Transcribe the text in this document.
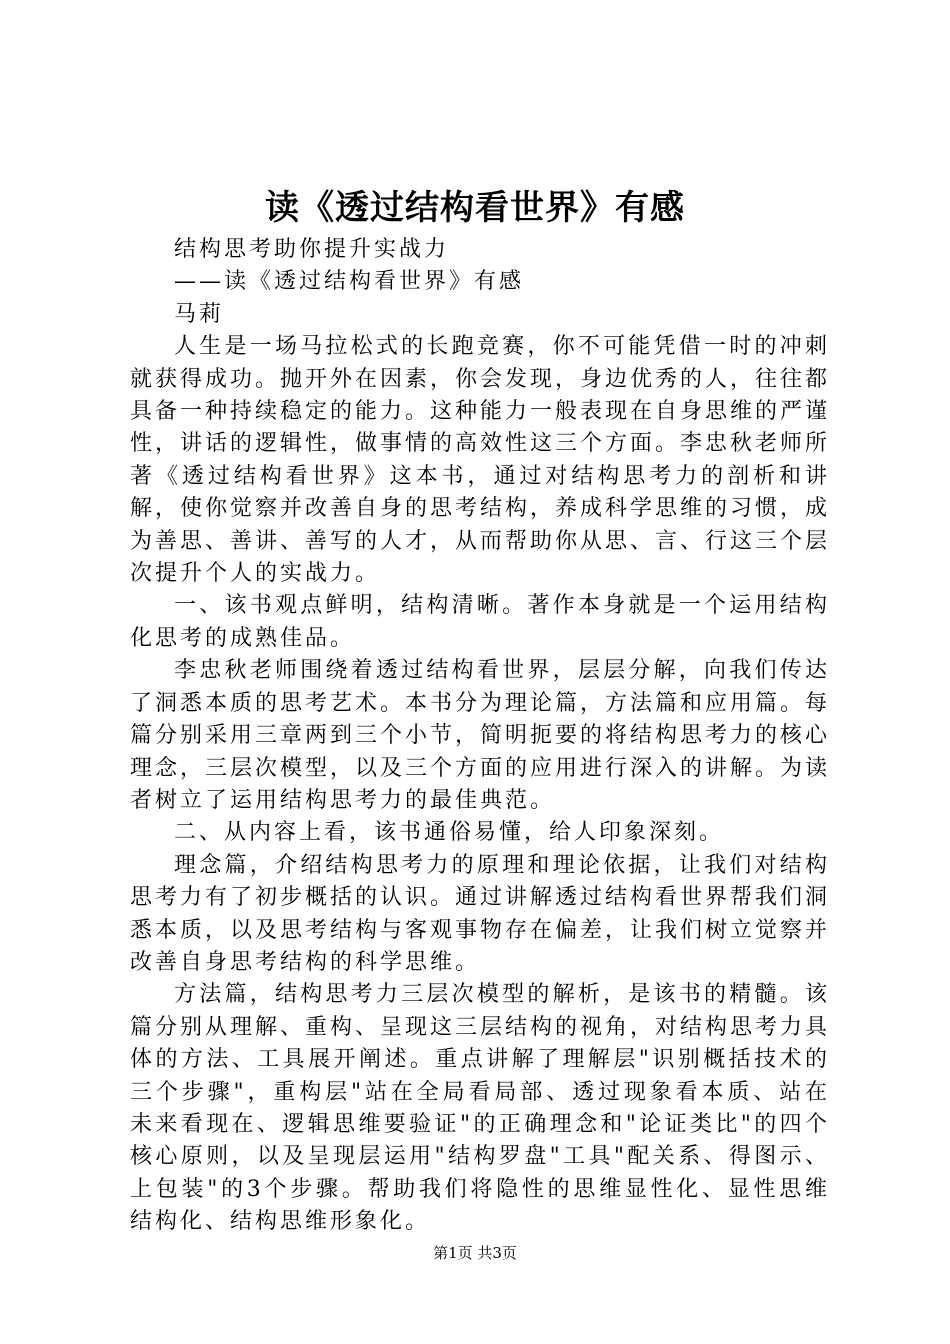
读《透过结构看世界》有感

结构思考助你提升实战力

——读《透过结构看世界》有感

马莉

人生是一场马拉松式的长跑竞赛，你不可能凭借一时的冲刺就获得成功。抛开外在因素，你会发现，身边优秀的人，往往都具备一种持续稳定的能力。这种能力一般表现在自身思维的严谨性，讲话的逻辑性，做事情的高效性这三个方面。李忠秋老师所著《透过结构看世界》这本书，通过对结构思考力的剖析和讲解，使你觉察并改善自身的思考结构，养成科学思维的习惯，成为善思、善讲、善写的人才，从而帮助你从思、言、行这三个层次提升个人的实战力。

一、该书观点鲜明，结构清晰。著作本身就是一个运用结构化思考的成熟佳品。

李忠秋老师围绕着透过结构看世界，层层分解，向我们传达了洞悉本质的思考艺术。本书分为理论篇，方法篇和应用篇。每篇分别采用三章两到三个小节，简明扼要的将结构思考力的核心理念，三层次模型，以及三个方面的应用进行深入的讲解。为读者树立了运用结构思考力的最佳典范。

二、从内容上看，该书通俗易懂，给人印象深刻。

理念篇，介绍结构思考力的原理和理论依据，让我们对结构思考力有了初步概括的认识。通过讲解透过结构看世界帮我们洞悉本质，以及思考结构与客观事物存在偏差，让我们树立觉察并改善自身思考结构的科学思维。

方法篇，结构思考力三层次模型的解析，是该书的精髓。该篇分别从理解、重构、呈现这三层结构的视角，对结构思考力具体的方法、工具展开阐述。重点讲解了理解层"识别概括技术的三个步骤"，重构层"站在全局看局部、透过现象看本质、站在未来看现在、逻辑思维要验证"的正确理念和"论证类比"的四个核心原则，以及呈现层运用"结构罗盘"工具"配关系、得图示、上包装"的3个步骤。帮助我们将隐性的思维显性化、显性思维结构化、结构思维形象化。

第1页 共3页
